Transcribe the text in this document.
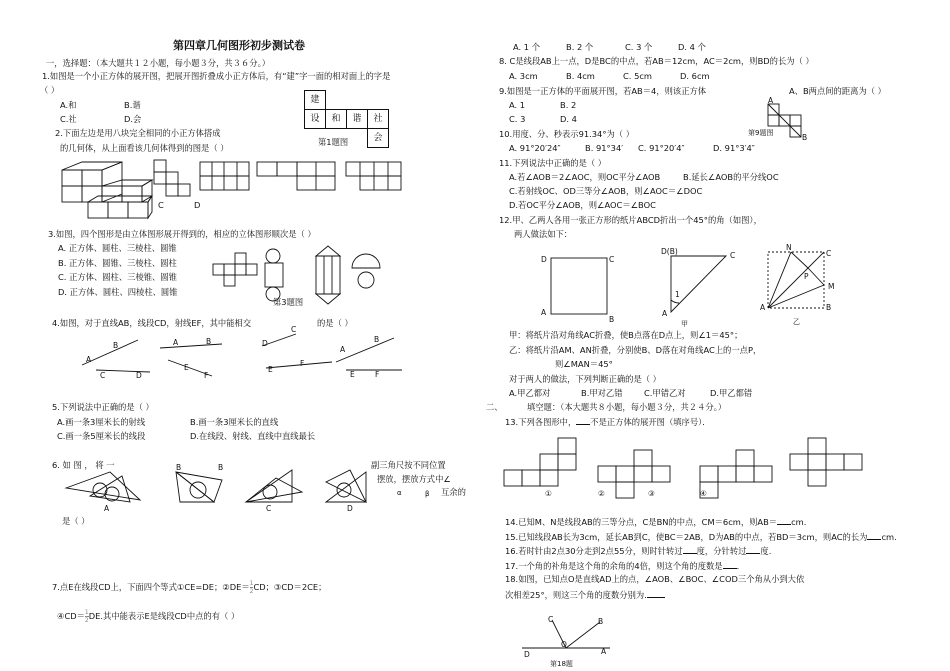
第四章几何图形初步测试卷
一，选择题：（本大题共１２小题，每小题３分，共３６分。）
1.如图是一个小正方体的展开图，把展开图折叠成小正方体后，有“建”字一面的相对面上的字是
（ ）
A.和	B.谐
C.社	D.会
建
设	和	谐	社
会
第1题图
2.下面左边是用八块完全相同的小正方体搭成
的几何体，从上面看该几何体得到的图是（ ）
C	D
3.如图，四个图形是由立体图形展开得到的，相应的立体图形顺次是（ ）
A. 正方体、圆柱、三棱柱、圆锥
B. 正方体、圆锥、三棱柱、圆柱
C. 正方体、圆柱、三棱锥、圆锥
D. 正方体、圆柱、四棱柱、圆锥
第3题图
4.如图，对于直线AB，线段CD，射线EF，其中能相交	的是（ ）
A
B
C	D
A	B
E
F
D
C
E
F
A
B
E	F
5.下列说法中正确的是（ ）
A.画一条3厘米长的射线	B.画一条3厘米长的直线
C.画一条5厘米长的线段	D.在线段、射线、直线中直线最长
6. 如 图 ， 将 一	副三角尺按不同位置
摆放，摆放方式中∠
互余的
α	β
是（ ）
A
B
C	D
B
7.点E在线段CD上，下面四个等式①CE=DE；②DE＝ $\frac{1}{2}$ CD；③CD＝2CE；
④CD＝ $\frac{1}{2}$ DE.其中能表示E是线段CD中点的有（ ）
A. 1 个	B. 2 个	C. 3 个	D. 4 个
8. C是线段AB上一点，D是BC的中点，若AB＝12cm，AC＝2cm，则BD的长为（ ）
A. 3cm	B. 4cm	C. 5cm	D. 6cm
9.如图是一正方体的平面展开图，若AB＝4，则该正方体	A、B两点间的距离为（ ）
A. 1	B. 2
C. 3	D. 4
A
B
第9题图
10.用度、分、秒表示91.34°为（ ）
A. 91°20′24″	B. 91°34′ C. 91°20′4″	D. 91°3′4″
11.下列说法中正确的是（ ）
A.若∠AOB＝2∠AOC，则OC平分∠AOB	B.延长∠AOB的平分线OC
C.若射线OC、OD三等分∠AOB，则∠AOC＝∠DOC
D.若OC平分∠AOB，则∠AOC＝∠BOC
12.甲、乙两人各用一张正方形的纸片ABCD折出一个45°的角（如图），
两人做法如下：
D	C
A
B
D(B)	C
A
1
甲
N
C
P
M
A	B
乙
甲：将纸片沿对角线AC折叠，使B点落在D点上，则∠1＝45°；
乙：将纸片沿AM、AN折叠，分别使B、D落在对角线AC上的一点P，
则∠MAN＝45°
对于两人的做法，下列判断正确的是（ ）
A.甲乙都对	B.甲对乙错	C.甲错乙对	D.甲乙都错
二、	填空题：（本大题共８小题，每小题３分，共２４分。）
13.下列各图形中， 不是正方体的展开图（填序号）．
①	②	③	④
14.已知M、N是线段AB的三等分点，C是BN的中点，CM＝6cm，则AB＝ cm.
15.已知线段AB长为3cm，延长AB到C，使BC＝2AB，D为AB的中点，若BD＝3cm，则AC的长为 cm.
16.若时针由2点30分走到2点55分，则时针转过 度，分针转过 度.
17.一个角的补角是这个角的余角的4倍，则这个角的度数是 .
18.如图，已知点O是直线AD上的点，∠AOB、∠BOC、∠COD三个角从小到大依
次相差25°，则这三个角的度数分别为.
D
O
A
B
C
第18题
